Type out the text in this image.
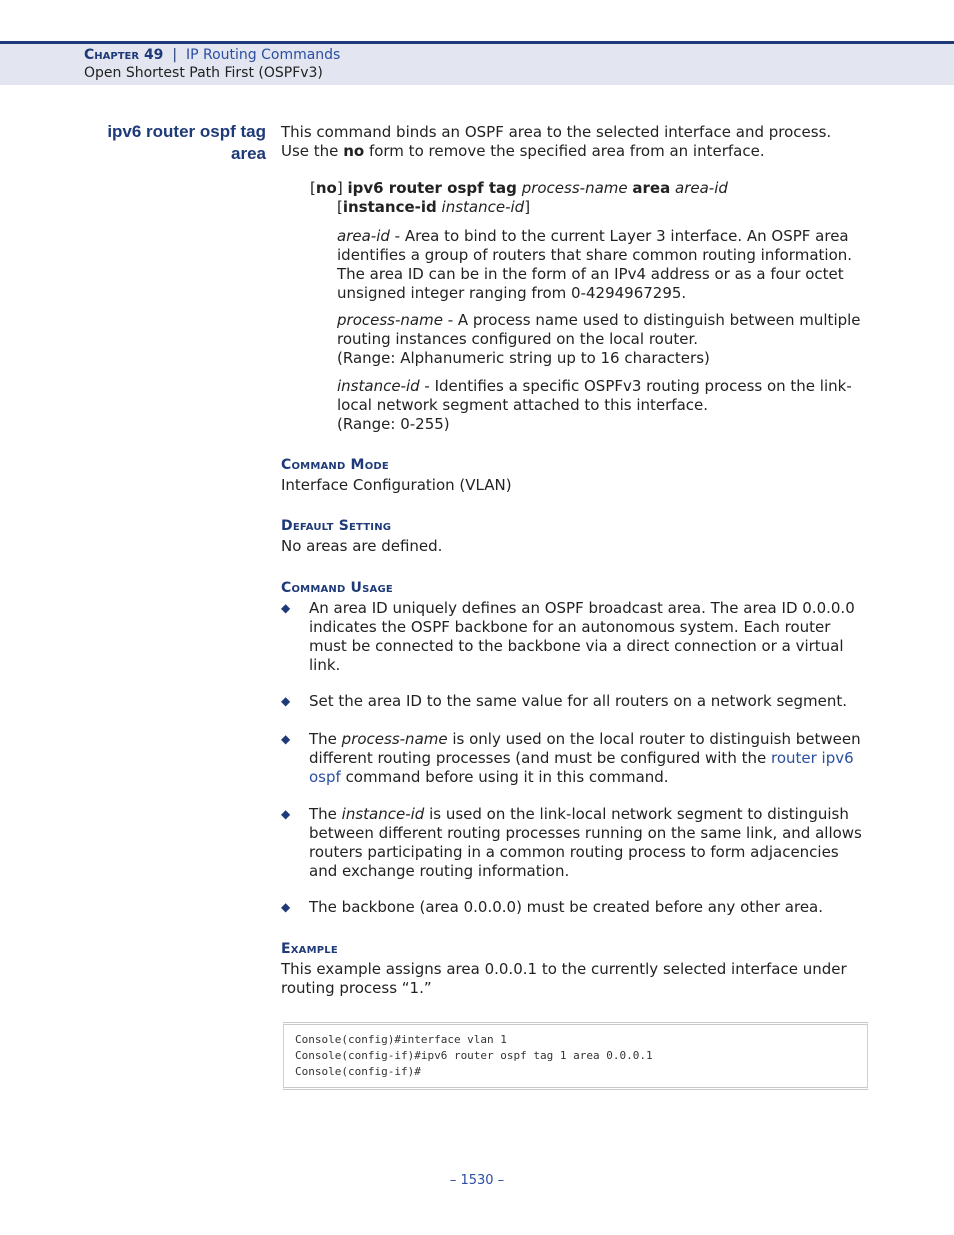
Chapter 49 | IP Routing Commands
Open Shortest Path First (OSPFv3)
ipv6 router ospf tag
area
This command binds an OSPF area to the selected interface and process.
Use the no form to remove the specified area from an interface.
[no] ipv6 router ospf tag process-name area area-id
[instance-id instance-id]
area-id - Area to bind to the current Layer 3 interface. An OSPF area identifies a group of routers that share common routing information. The area ID can be in the form of an IPv4 address or as a four octet unsigned integer ranging from 0-4294967295.
process-name - A process name used to distinguish between multiple routing instances configured on the local router.
(Range: Alphanumeric string up to 16 characters)
instance-id - Identifies a specific OSPFv3 routing process on the link-local network segment attached to this interface.
(Range: 0-255)
Command Mode
Interface Configuration (VLAN)
Default Setting
No areas are defined.
Command Usage
◆ An area ID uniquely defines an OSPF broadcast area. The area ID 0.0.0.0 indicates the OSPF backbone for an autonomous system. Each router must be connected to the backbone via a direct connection or a virtual link.
◆ Set the area ID to the same value for all routers on a network segment.
◆ The process-name is only used on the local router to distinguish between different routing processes (and must be configured with the router ipv6 ospf command before using it in this command.
◆ The instance-id is used on the link-local network segment to distinguish between different routing processes running on the same link, and allows routers participating in a common routing process to form adjacencies and exchange routing information.
◆ The backbone (area 0.0.0.0) must be created before any other area.
Example
This example assigns area 0.0.0.1 to the currently selected interface under routing process “1.”
Console(config)#interface vlan 1
Console(config-if)#ipv6 router ospf tag 1 area 0.0.0.1
Console(config-if)#
– 1530 –
